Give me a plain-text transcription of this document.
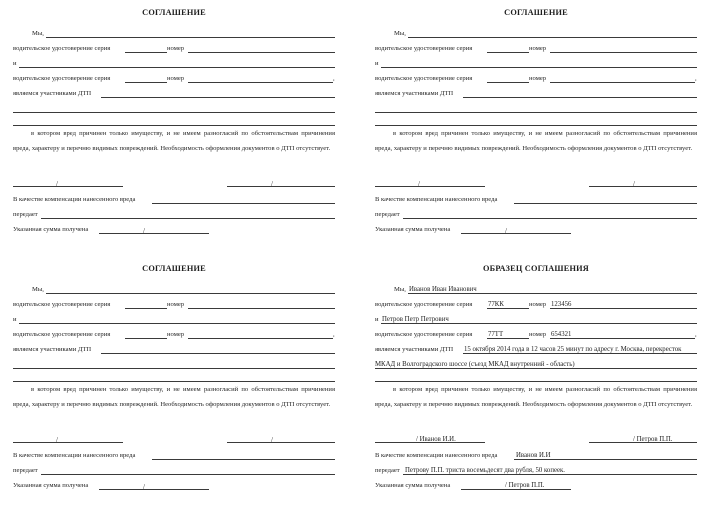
СОГЛАШЕНИЕ
Мы,
водительское удостоверение серия	номер
и
водительское удостоверение серия	номер	,
являемся участниками ДТП
в котором вред причинен только имуществу, и не имеем разногласий по обстоятельствам причинения вреда, характеру и перечню видимых повреждений. Необходимость оформления документов о ДТП отсутствует.
/	/
В качестве компенсации нанесенного вреда
передает
Указанная сумма получена	/
СОГЛАШЕНИЕ
Мы,
водительское удостоверение серия	номер
и
водительское удостоверение серия	номер	,
являемся участниками ДТП
в котором вред причинен только имуществу, и не имеем разногласий по обстоятельствам причинения вреда, характеру и перечню видимых повреждений. Необходимость оформления документов о ДТП отсутствует.
/	/
В качестве компенсации нанесенного вреда
передает
Указанная сумма получена	/
СОГЛАШЕНИЕ
Мы,
водительское удостоверение серия	номер
и
водительское удостоверение серия	номер	,
являемся участниками ДТП
в котором вред причинен только имуществу, и не имеем разногласий по обстоятельствам причинения вреда, характеру и перечню видимых повреждений. Необходимость оформления документов о ДТП отсутствует.
/	/
В качестве компенсации нанесенного вреда
передает
Указанная сумма получена	/
ОБРАЗЕЦ СОГЛАШЕНИЯ
Мы, Иванов Иван Иванович
водительское удостоверение серия 77КК	номер 123456
и Петров Петр Петрович
водительское удостоверение серия 77ТТ	номер 654321	,
являемся участниками ДТП 15 октября 2014 года в 12 часов 25 минут по адресу г. Москва, перекресток
МКАД и Волгоградского шоссе (съезд МКАД внутренний - область)
в котором вред причинен только имуществу, и не имеем разногласий по обстоятельствам причинения вреда, характеру и перечню видимых повреждений. Необходимость оформления документов о ДТП отсутствует.
/ Иванов И.И.	/ Петров П.П.
В качестве компенсации нанесенного вреда	Иванов И.И
передает Петрову П.П. триста восемьдесят два рубля, 50 копеек.
Указанная сумма получена	/ Петров П.П.
